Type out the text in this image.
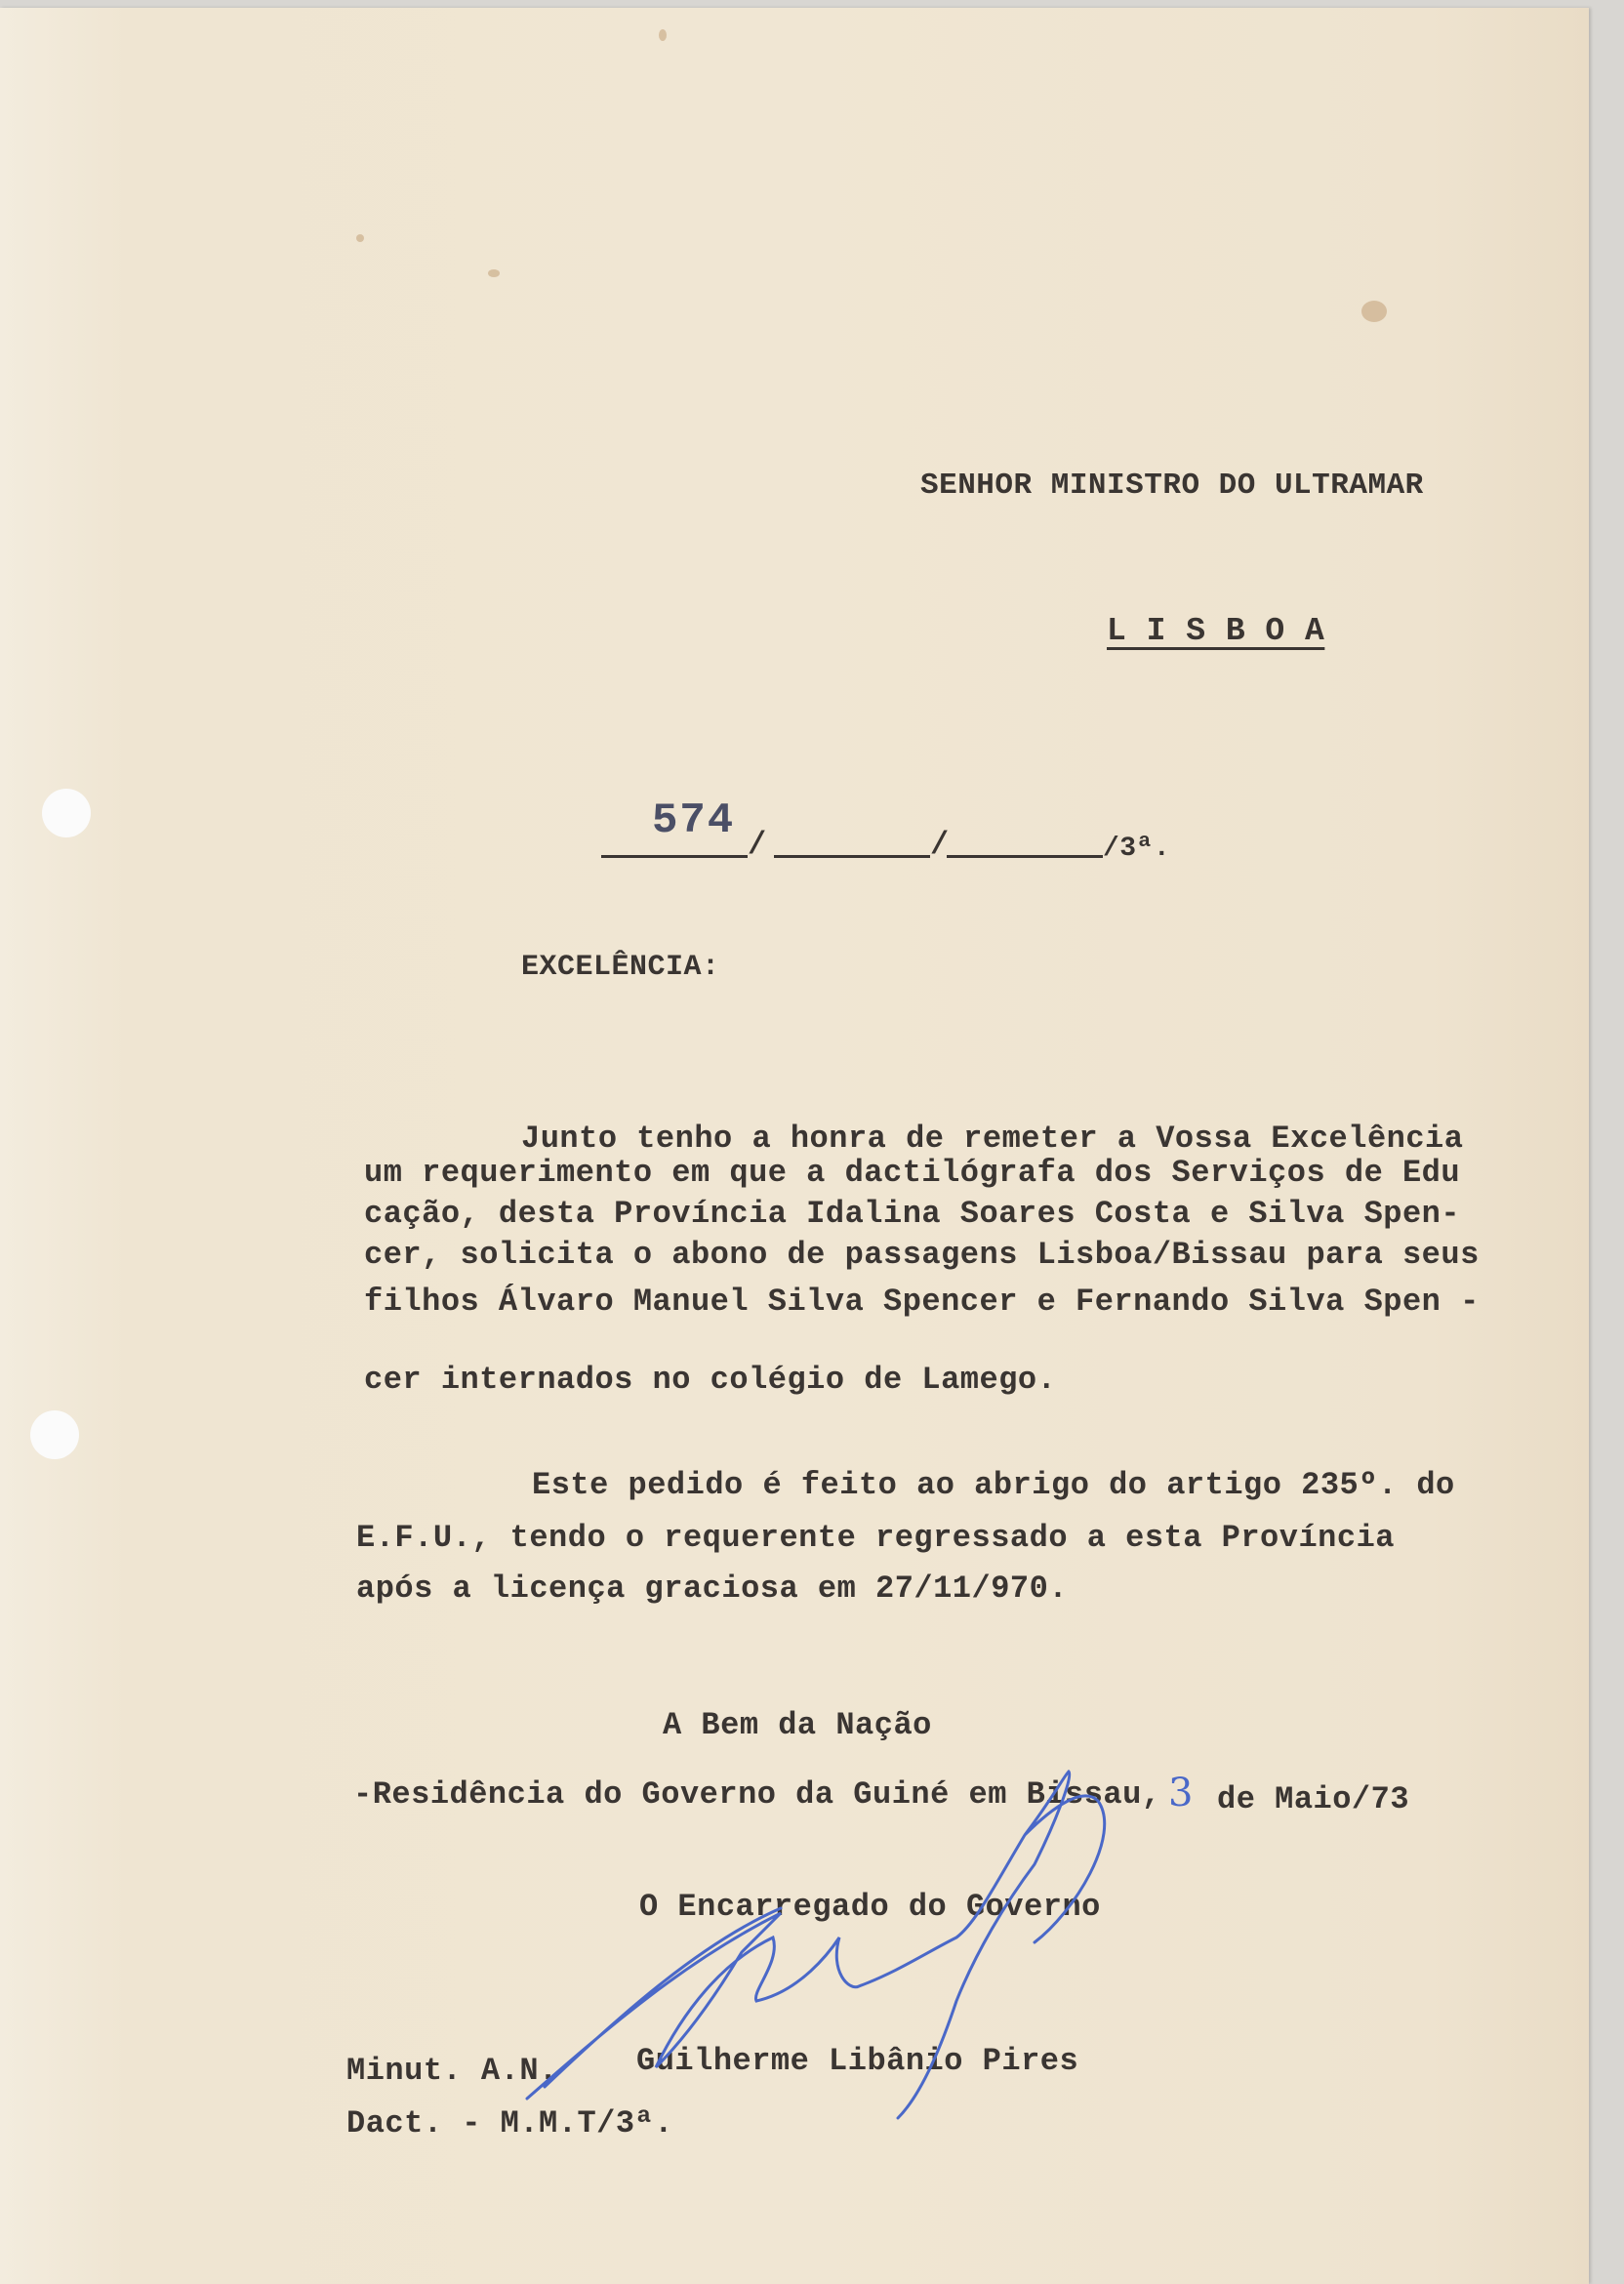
SENHOR MINISTRO DO ULTRAMAR
L I S B O A
574 /	/	/3ª.
EXCELÊNCIA:
Junto tenho a honra de remeter a Vossa Excelência
um requerimento em que a dactilógrafa dos Serviços de Edu
cação, desta Província Idalina Soares Costa e Silva Spen-
cer, solicita o abono de passagens Lisboa/Bissau para seus
filhos Álvaro Manuel Silva Spencer e Fernando Silva Spen -
cer internados no colégio de Lamego.
Este pedido é feito ao abrigo do artigo 235º. do
E.F.U., tendo o requerente regressado a esta Província
após a licença graciosa em 27/11/970.
A Bem da Nação
-Residência do Governo da Guiné em Bissau, 3 de Maio/73
O Encarregado do Governo
Guilherme Libânio Pires
Minut. A.N.
Dact. - M.M.T/3ª.
